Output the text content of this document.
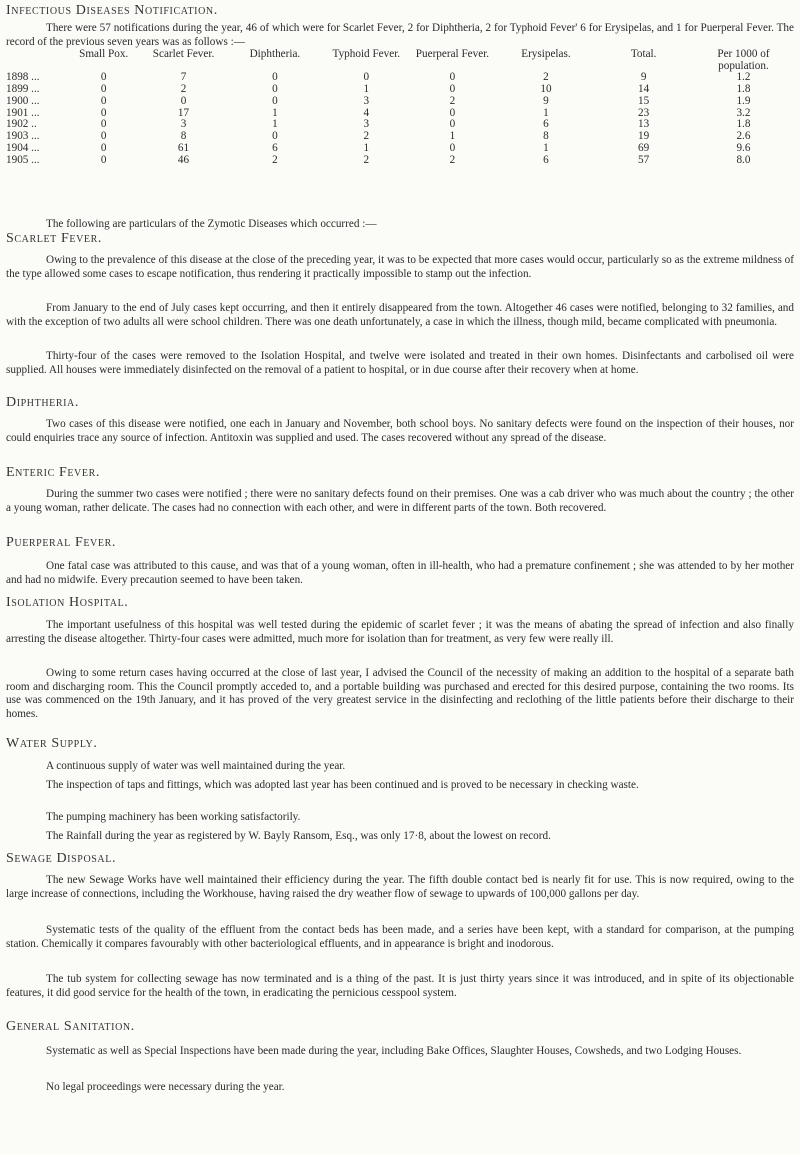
Infectious Diseases Notification.
There were 57 notifications during the year, 46 of which were for Scarlet Fever, 2 for Diphtheria, 2 for Typhoid Fever' 6 for Erysipelas, and 1 for Puerperal Fever. The record of the previous seven years was as follows :—
	Small Pox.	Scarlet Fever.	Diphtheria.	Typhoid Fever.	Puerperal Fever.	Erysipelas.	Total.	Per 1000 of population.
1898 ...	0	7	0	0	0	2	9	1.2
1899 ...	0	2	0	1	0	10	14	1.8
1900 ...	0	0	0	3	2	9	15	1.9
1901 ...	0	17	1	4	0	1	23	3.2
1902 ..	0	3	1	3	0	6	13	1.8
1903 ...	0	8	0	2	1	8	19	2.6
1904 ...	0	61	6	1	0	1	69	9.6
1905 ...	0	46	2	2	2	6	57	8.0
The following are particulars of the Zymotic Diseases which occurred :—
Scarlet Fever.
Owing to the prevalence of this disease at the close of the preceding year, it was to be expected that more cases would occur, particularly so as the extreme mildness of the type allowed some cases to escape notification, thus rendering it practically impossible to stamp out the infection.
From January to the end of July cases kept occurring, and then it entirely disappeared from the town. Altogether 46 cases were notified, belonging to 32 families, and with the exception of two adults all were school children. There was one death unfortunately, a case in which the illness, though mild, became complicated with pneumonia.
Thirty-four of the cases were removed to the Isolation Hospital, and twelve were isolated and treated in their own homes. Disinfectants and carbolised oil were supplied. All houses were immediately disinfected on the removal of a patient to hospital, or in due course after their recovery when at home.
Diphtheria.
Two cases of this disease were notified, one each in January and November, both school boys. No sanitary defects were found on the inspection of their houses, nor could enquiries trace any source of infection. Antitoxin was supplied and used. The cases recovered without any spread of the disease.
Enteric Fever.
During the summer two cases were notified ; there were no sanitary defects found on their premises. One was a cab driver who was much about the country ; the other a young woman, rather delicate. The cases had no connection with each other, and were in different parts of the town. Both recovered.
Puerperal Fever.
One fatal case was attributed to this cause, and was that of a young woman, often in ill-health, who had a premature confinement ; she was attended to by her mother and had no midwife. Every precaution seemed to have been taken.
Isolation Hospital.
The important usefulness of this hospital was well tested during the epidemic of scarlet fever ; it was the means of abating the spread of infection and also finally arresting the disease altogether. Thirty-four cases were admitted, much more for isolation than for treatment, as very few were really ill.
Owing to some return cases having occurred at the close of last year, I advised the Council of the necessity of making an addition to the hospital of a separate bath room and discharging room. This the Council promptly acceded to, and a portable building was purchased and erected for this desired purpose, containing the two rooms. Its use was commenced on the 19th January, and it has proved of the very greatest service in the disinfecting and reclothing of the little patients before their discharge to their homes.
Water Supply.
A continuous supply of water was well maintained during the year.
The inspection of taps and fittings, which was adopted last year has been continued and is proved to be necessary in checking waste.
The pumping machinery has been working satisfactorily.
The Rainfall during the year as registered by W. Bayly Ransom, Esq., was only 17·8, about the lowest on record.
Sewage Disposal.
The new Sewage Works have well maintained their efficiency during the year. The fifth double contact bed is nearly fit for use. This is now required, owing to the large increase of connections, including the Workhouse, having raised the dry weather flow of sewage to upwards of 100,000 gallons per day.
Systematic tests of the quality of the effluent from the contact beds has been made, and a series have been kept, with a standard for comparison, at the pumping station. Chemically it compares favourably with other bacteriological effluents, and in appearance is bright and inodorous.
The tub system for collecting sewage has now terminated and is a thing of the past. It is just thirty years since it was introduced, and in spite of its objectionable features, it did good service for the health of the town, in eradicating the pernicious cesspool system.
General Sanitation.
Systematic as well as Special Inspections have been made during the year, including Bake Offices, Slaughter Houses, Cowsheds, and two Lodging Houses.
No legal proceedings were necessary during the year.
